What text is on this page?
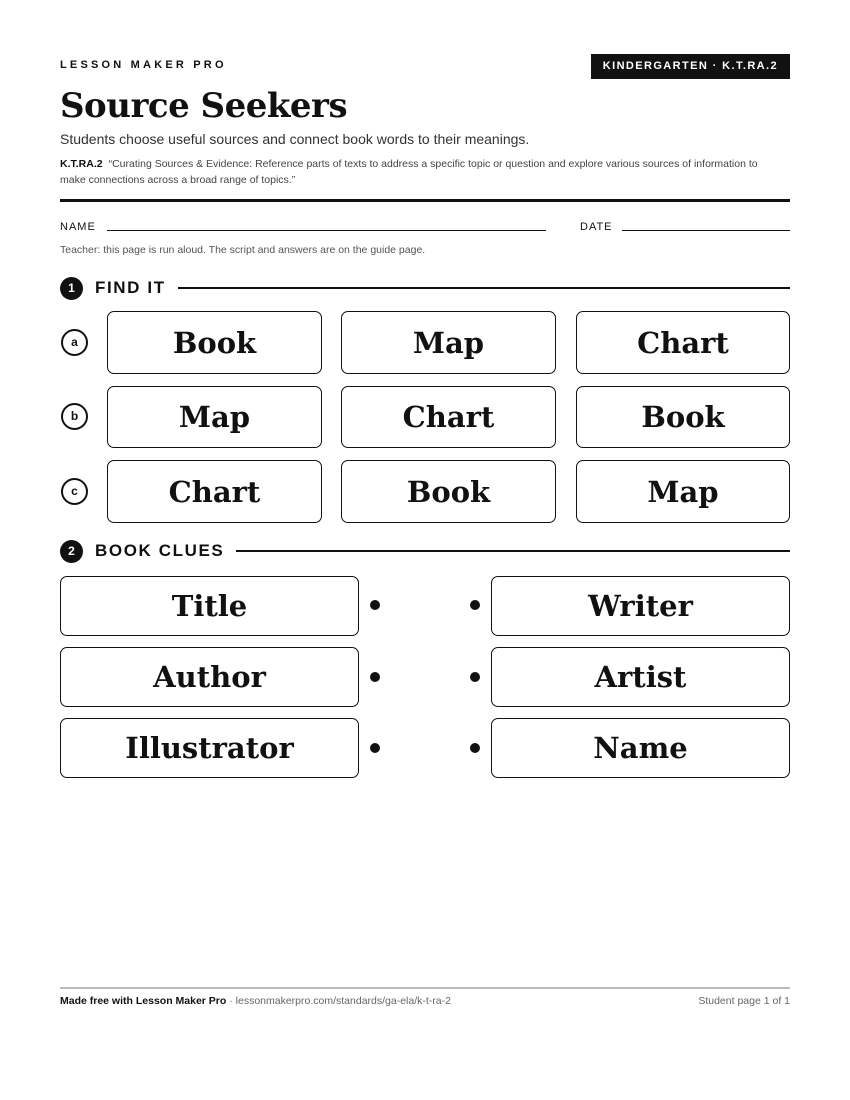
LESSON MAKER PRO	KINDERGARTEN · K.T.RA.2
Source Seekers

Students choose useful sources and connect book words to their meanings.

K.T.RA.2 “Curating Sources & Evidence: Reference parts of texts to address a specific topic or question and explore various sources of information to make connections across a broad range of topics.”

NAME	DATE

Teacher: this page is run aloud. The script and answers are on the guide page.

1	FIND IT
a	Book	Map	Chart
b	Map	Chart	Book
c	Chart	Book	Map
2	BOOK CLUES
Title	Writer
Author	Artist
Illustrator	Name
Made free with Lesson Maker Pro · lessonmakerpro.com/standards/ga-ela/k-t-ra-2	Student page 1 of 1
